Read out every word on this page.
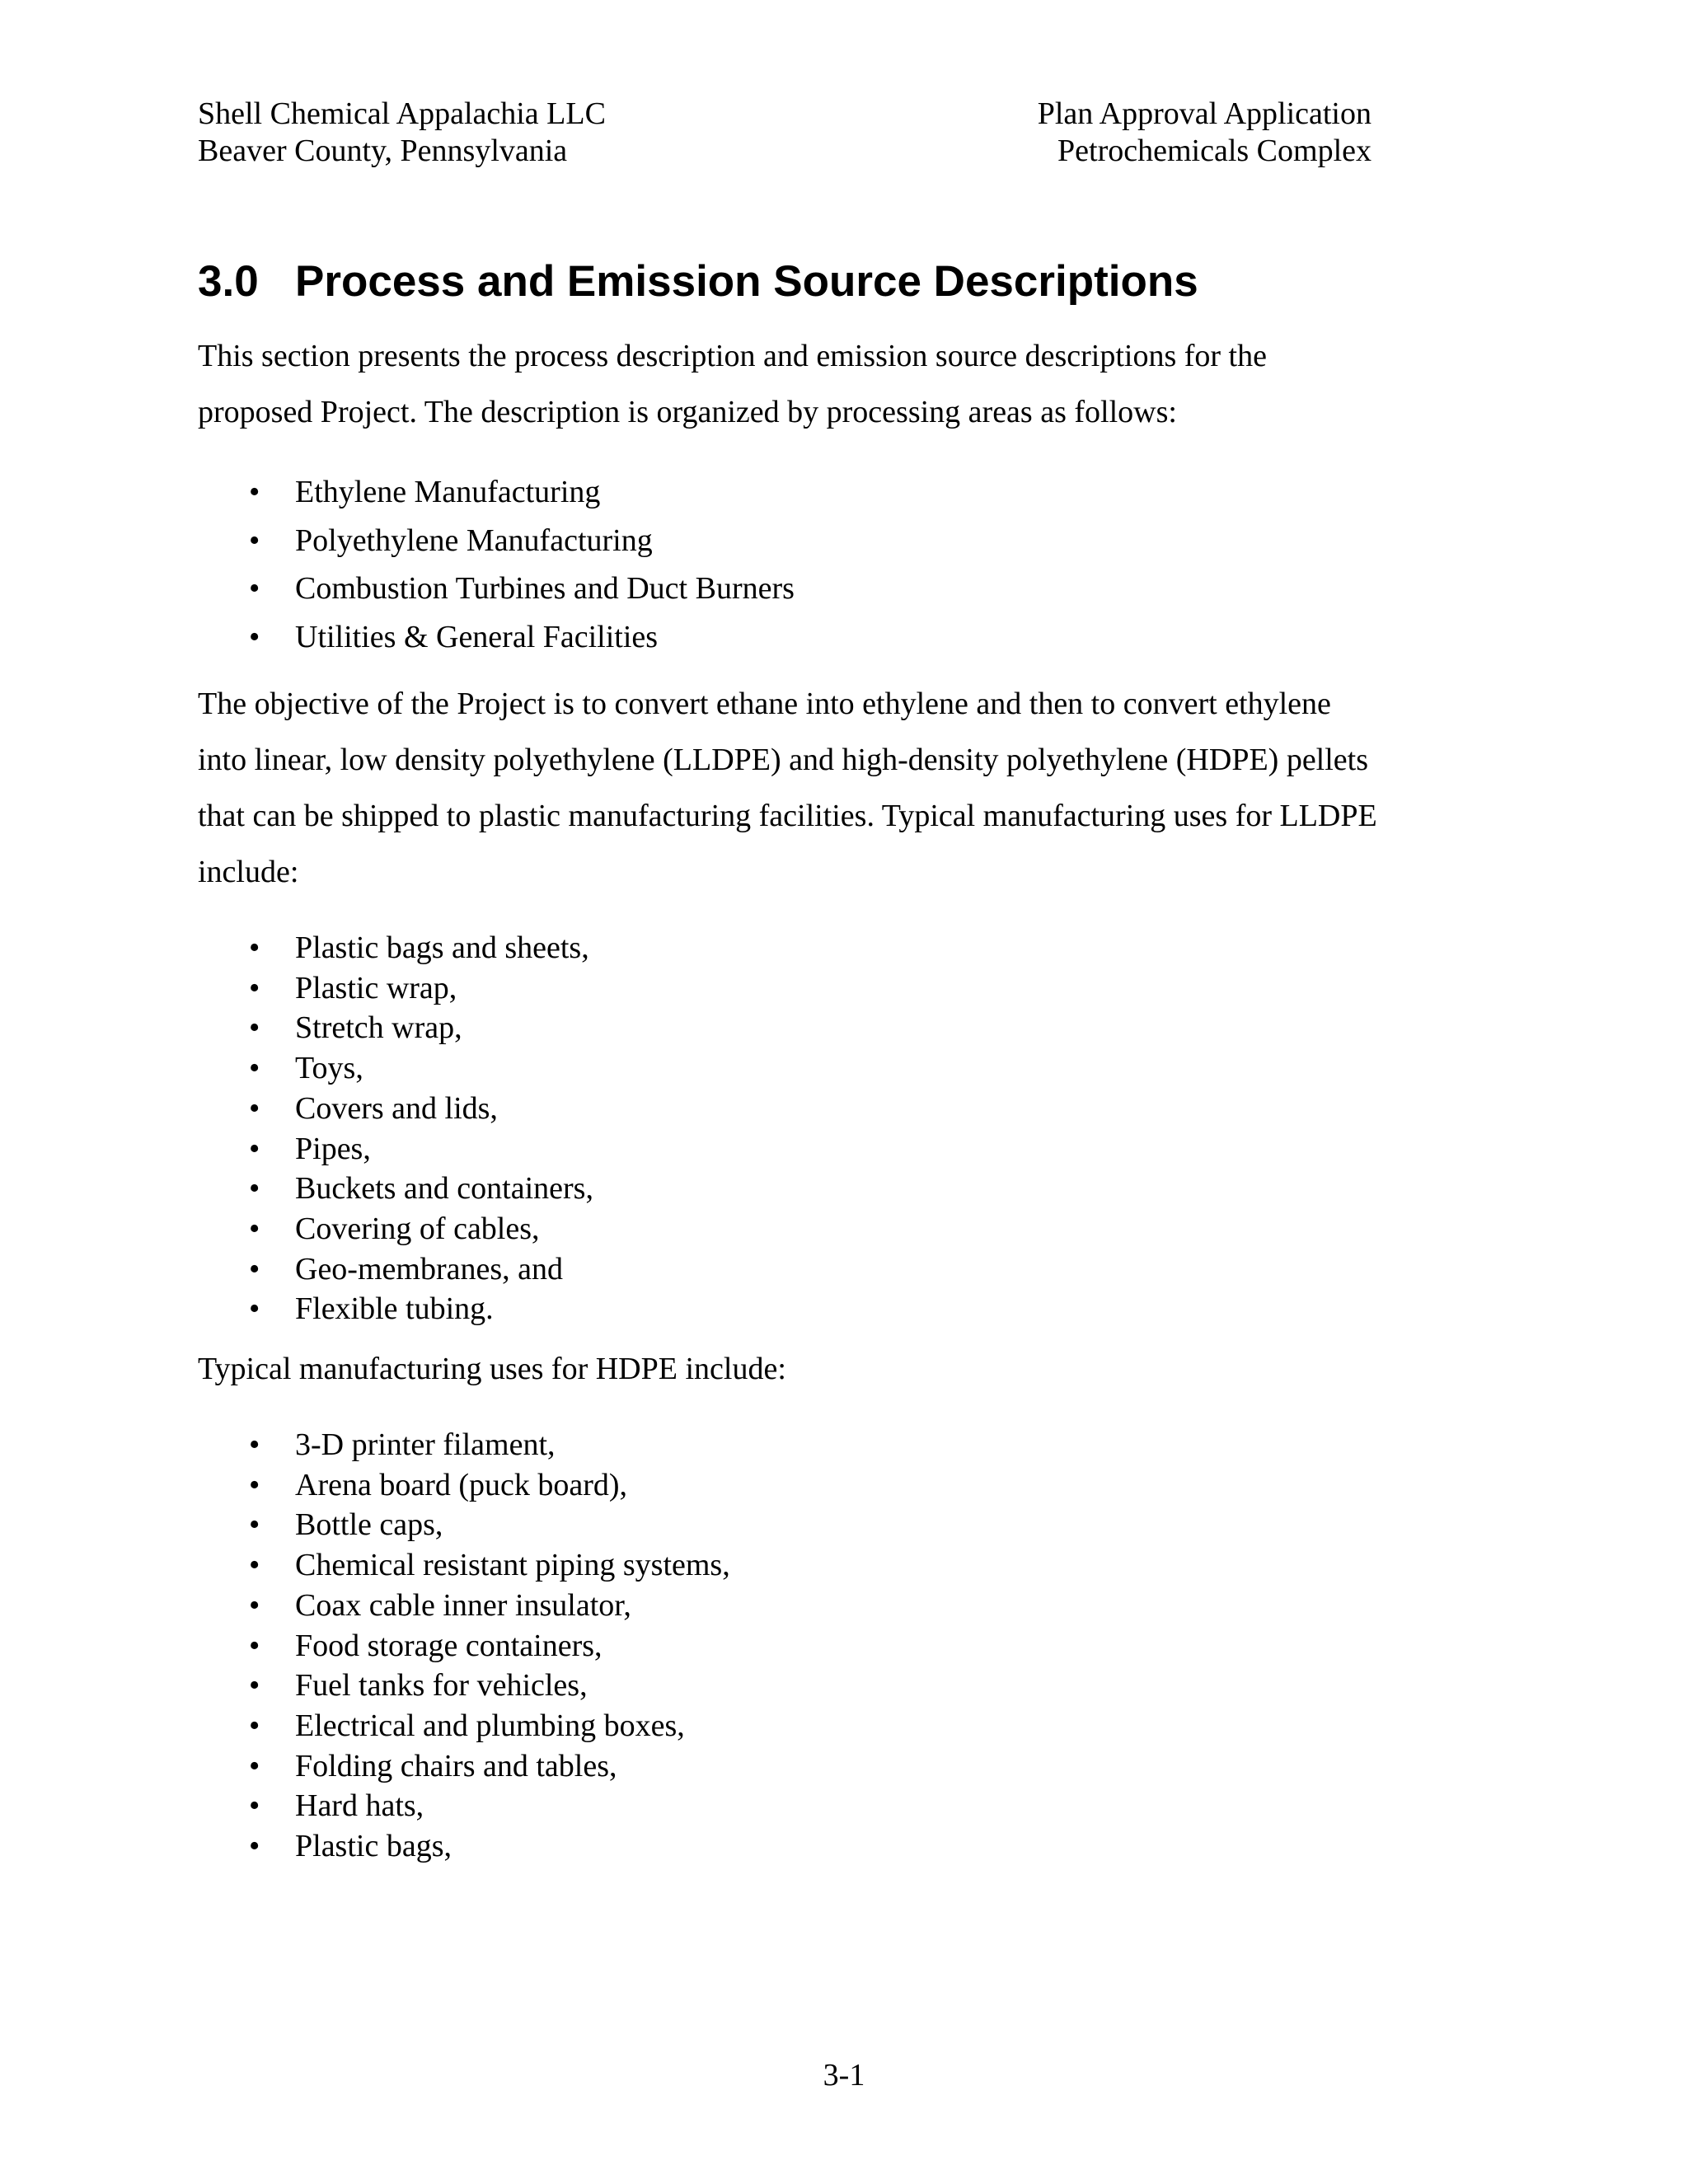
Shell Chemical Appalachia LLC
Beaver County, Pennsylvania
Plan Approval Application
Petrochemicals Complex
3.0 Process and Emission Source Descriptions

This section presents the process description and emission source descriptions for the proposed Project. The description is organized by processing areas as follows:

• Ethylene Manufacturing
• Polyethylene Manufacturing
• Combustion Turbines and Duct Burners
• Utilities & General Facilities

The objective of the Project is to convert ethane into ethylene and then to convert ethylene into linear, low density polyethylene (LLDPE) and high-density polyethylene (HDPE) pellets that can be shipped to plastic manufacturing facilities. Typical manufacturing uses for LLDPE include:

• Plastic bags and sheets,
• Plastic wrap,
• Stretch wrap,
• Toys,
• Covers and lids,
• Pipes,
• Buckets and containers,
• Covering of cables,
• Geo-membranes, and
• Flexible tubing.

Typical manufacturing uses for HDPE include:

• 3-D printer filament,
• Arena board (puck board),
• Bottle caps,
• Chemical resistant piping systems,
• Coax cable inner insulator,
• Food storage containers,
• Fuel tanks for vehicles,
• Electrical and plumbing boxes,
• Folding chairs and tables,
• Hard hats,
• Plastic bags,
3-1
